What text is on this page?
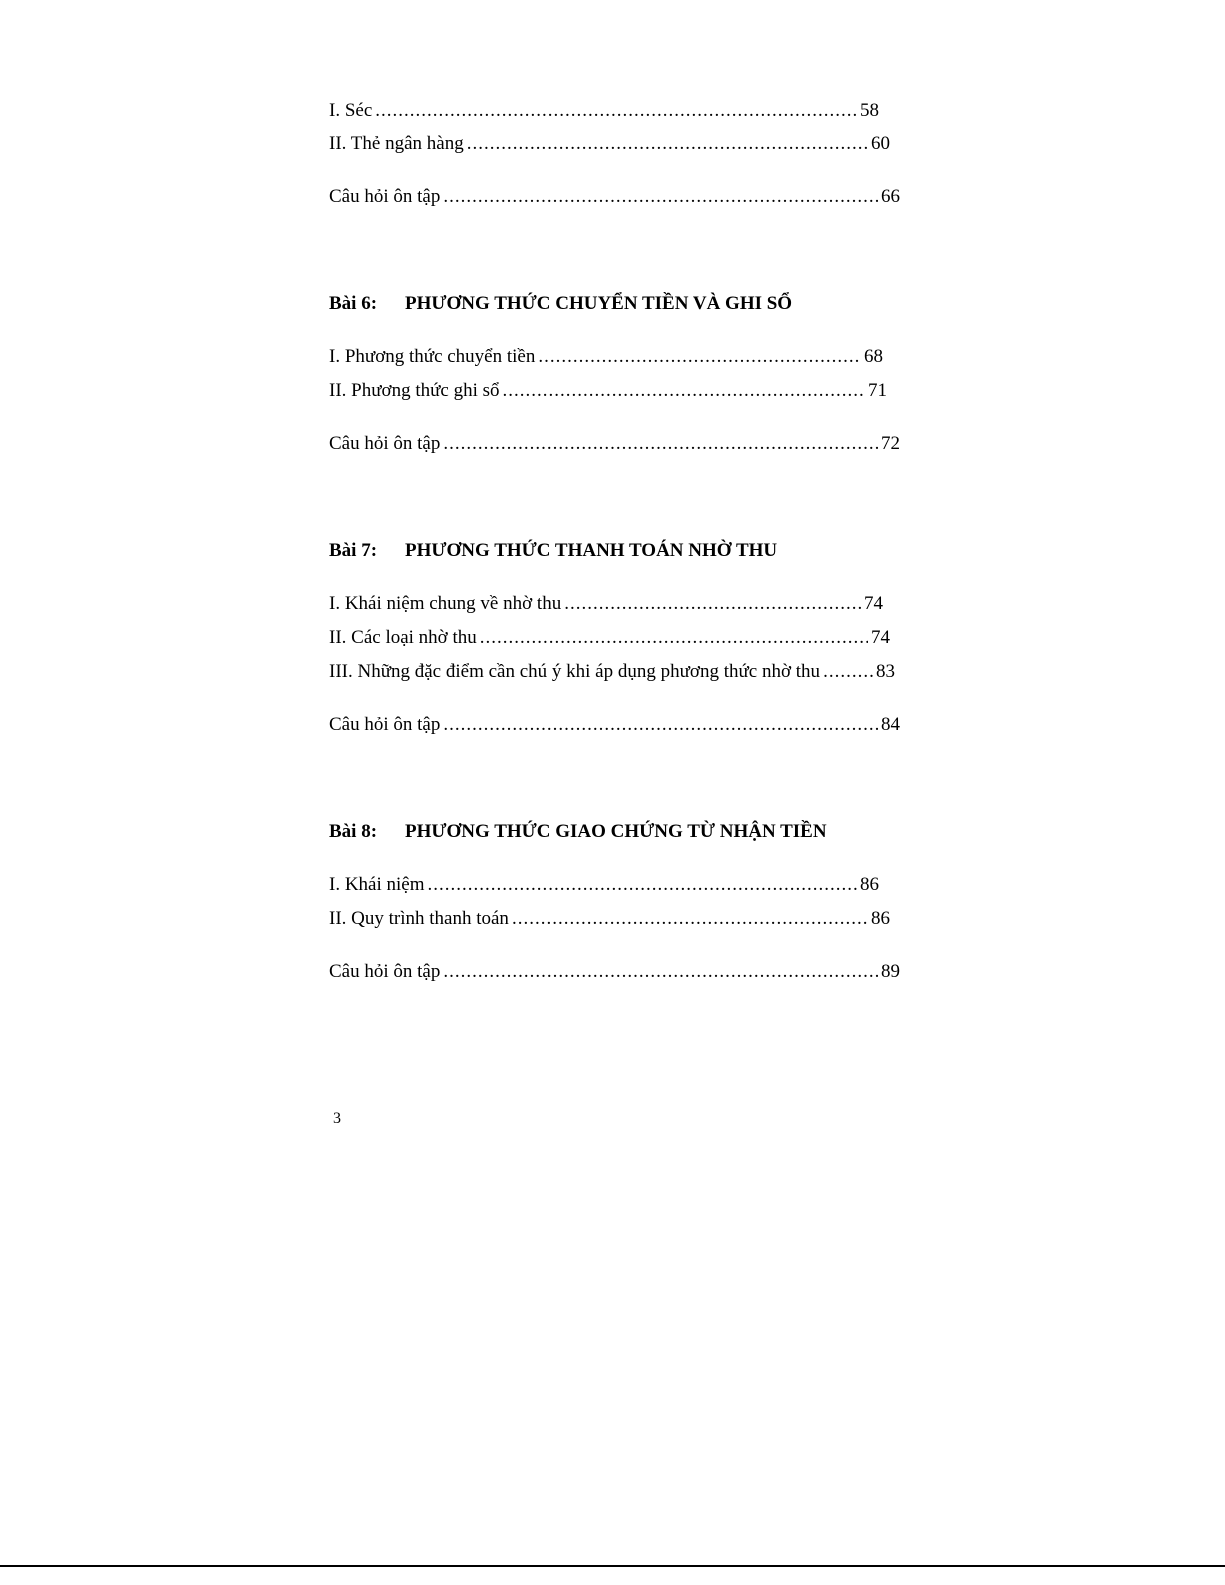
I. Séc .....	58
II. Thẻ ngân hàng .....	60
Câu hỏi ôn tập .....	66
Bài 6: PHƯƠNG THỨC CHUYỂN TIỀN VÀ GHI SỔ
I. Phương thức chuyển tiền .....	68
II. Phương thức ghi sổ .....	71
Câu hỏi ôn tập .....	72
Bài 7: PHƯƠNG THỨC THANH TOÁN NHỜ THU
I. Khái niệm chung về nhờ thu .....	74
II. Các loại nhờ thu .....	74
III. Những đặc điểm cần chú ý khi áp dụng phương thức nhờ thu .....	83
Câu hỏi ôn tập .....	84
Bài 8: PHƯƠNG THỨC GIAO CHỨNG TỪ NHẬN TIỀN
I. Khái niệm .....	86
II. Quy trình thanh toán .....	86
Câu hỏi ôn tập .....	89
3
